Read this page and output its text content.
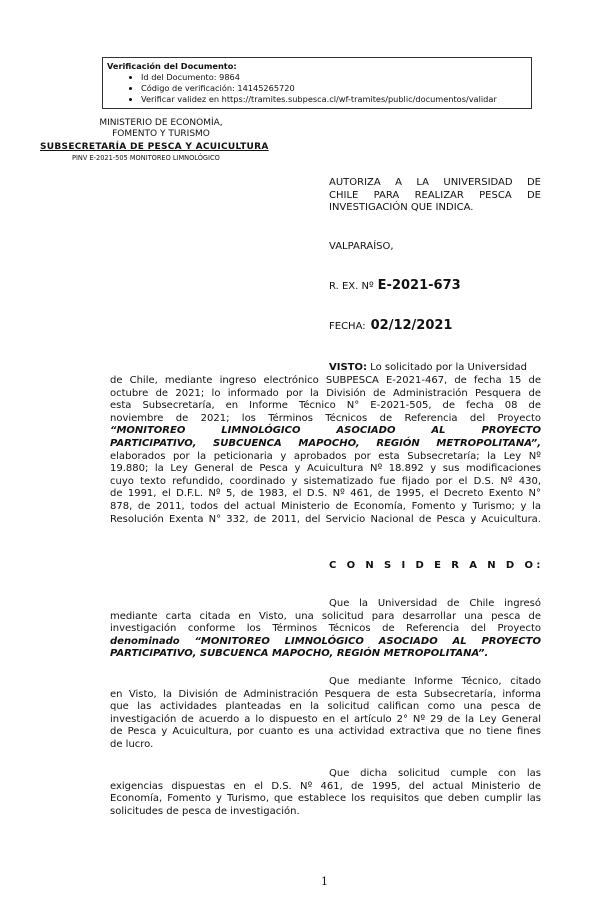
Verificación del Documento:
• Id del Documento: 9864
• Código de verificación: 14145265720
• Verificar validez en https://tramites.subpesca.cl/wf-tramites/public/documentos/validar
MINISTERIO DE ECONOMÍA,
FOMENTO Y TURISMO
SUBSECRETARÍA DE PESCA Y ACUICULTURA
PINV E-2021-505 MONITOREO LIMNOLÓGICO
AUTORIZA A LA UNIVERSIDAD DE
CHILE PARA REALIZAR PESCA DE
INVESTIGACIÓN QUE INDICA.
VALPARAÍSO,
R. EX. Nº E-2021-673
FECHA: 02/12/2021
VISTO: Lo solicitado por la Universidad
de Chile, mediante ingreso electrónico SUBPESCA E-2021-467, de fecha 15 de
octubre de 2021; lo informado por la División de Administración Pesquera de
esta Subsecretaría, en Informe Técnico N° E-2021-505, de fecha 08 de
noviembre de 2021; los Términos Técnicos de Referencia del Proyecto
“MONITOREO LIMNOLÓGICO ASOCIADO AL PROYECTO
PARTICIPATIVO, SUBCUENCA MAPOCHO, REGIÓN METROPOLITANA”,
elaborados por la peticionaria y aprobados por esta Subsecretaría; la Ley Nº
19.880; la Ley General de Pesca y Acuicultura Nº 18.892 y sus modificaciones
cuyo texto refundido, coordinado y sistematizado fue fijado por el D.S. Nº 430,
de 1991, el D.F.L. Nº 5, de 1983, el D.S. Nº 461, de 1995, el Decreto Exento N°
878, de 2011, todos del actual Ministerio de Economía, Fomento y Turismo; y la
Resolución Exenta N° 332, de 2011, del Servicio Nacional de Pesca y Acuicultura.
C O N S I D E R A N D O:
Que la Universidad de Chile ingresó
mediante carta citada en Visto, una solicitud para desarrollar una pesca de
investigación conforme los Términos Técnicos de Referencia del Proyecto
denominado “MONITOREO LIMNOLÓGICO ASOCIADO AL PROYECTO
PARTICIPATIVO, SUBCUENCA MAPOCHO, REGIÓN METROPOLITANA”.
Que mediante Informe Técnico, citado
en Visto, la División de Administración Pesquera de esta Subsecretaría, informa
que las actividades planteadas en la solicitud califican como una pesca de
investigación de acuerdo a lo dispuesto en el artículo 2° Nº 29 de la Ley General
de Pesca y Acuicultura, por cuanto es una actividad extractiva que no tiene fines
de lucro.
Que dicha solicitud cumple con las
exigencias dispuestas en el D.S. Nº 461, de 1995, del actual Ministerio de
Economía, Fomento y Turismo, que establece los requisitos que deben cumplir las
solicitudes de pesca de investigación.
1
